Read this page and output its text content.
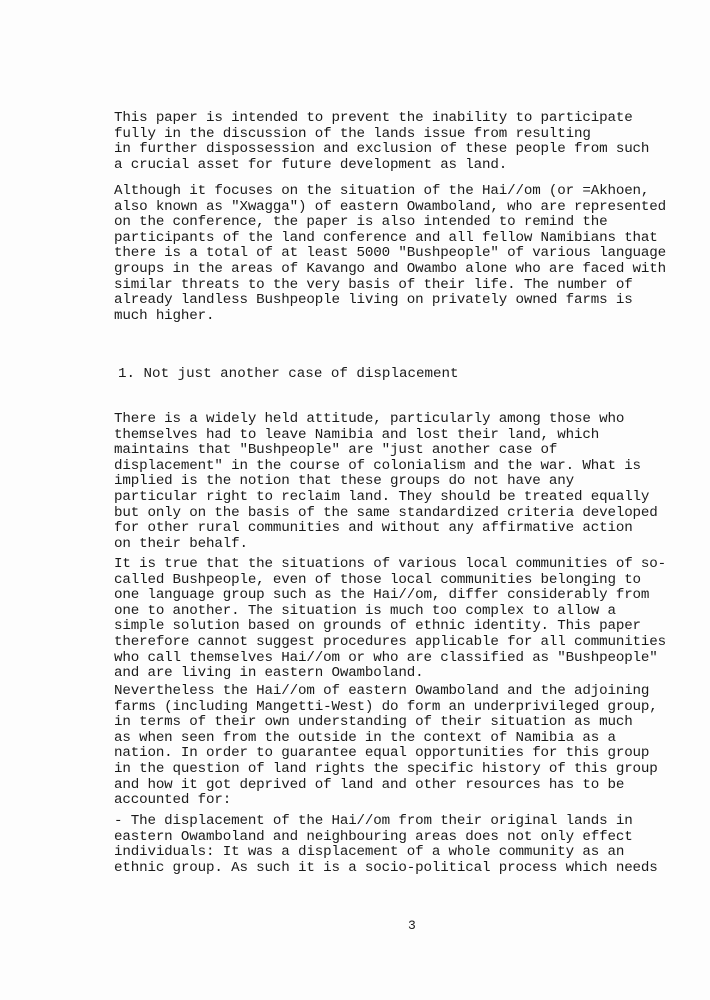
This paper is intended to prevent the inability to participate
fully in the discussion of the lands issue from resulting
in further dispossession and exclusion of these people from such
a crucial asset for future development as land.
Although it focuses on the situation of the Hai//om (or =Akhoen,
also known as "Xwagga") of eastern Owamboland, who are represented
on the conference, the paper is also intended to remind the
participants of the land conference and all fellow Namibians that
there is a total of at least 5000 "Bushpeople" of various language
groups in the areas of Kavango and Owambo alone who are faced with
similar threats to the very basis of their life. The number of
already landless Bushpeople living on privately owned farms is
much higher.
1. Not just another case of displacement
There is a widely held attitude, particularly among those who
themselves had to leave Namibia and lost their land, which
maintains that "Bushpeople" are "just another case of
displacement" in the course of colonialism and the war. What is
implied is the notion that these groups do not have any
particular right to reclaim land. They should be treated equally
but only on the basis of the same standardized criteria developed
for other rural communities and without any affirmative action
on their behalf.
It is true that the situations of various local communities of so-
called Bushpeople, even of those local communities belonging to
one language group such as the Hai//om, differ considerably from
one to another. The situation is much too complex to allow a
simple solution based on grounds of ethnic identity. This paper
therefore cannot suggest procedures applicable for all communities
who call themselves Hai//om or who are classified as "Bushpeople"
and are living in eastern Owamboland.
Nevertheless the Hai//om of eastern Owamboland and the adjoining
farms (including Mangetti-West) do form an underprivileged group,
in terms of their own understanding of their situation as much
as when seen from the outside in the context of Namibia as a
nation. In order to guarantee equal opportunities for this group
in the question of land rights the specific history of this group
and how it got deprived of land and other resources has to be
accounted for:
- The displacement of the Hai//om from their original lands in
eastern Owamboland and neighbouring areas does not only effect
individuals: It was a displacement of a whole community as an
ethnic group. As such it is a socio-political process which needs
3
